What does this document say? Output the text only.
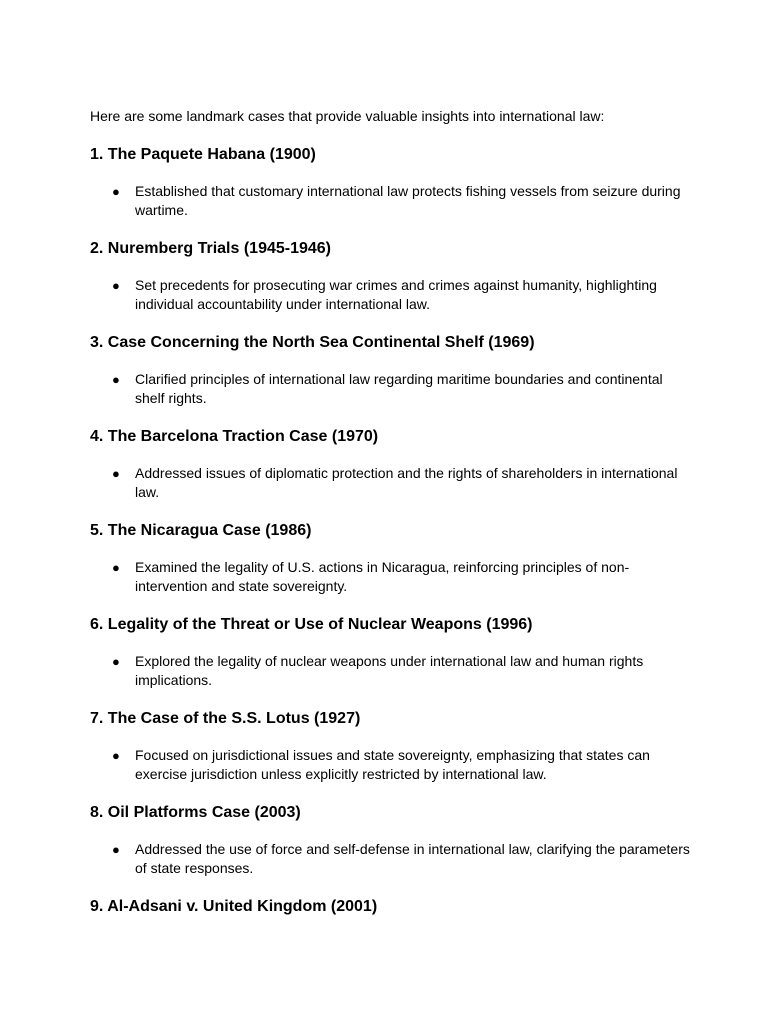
Here are some landmark cases that provide valuable insights into international law:

1. The Paquete Habana (1900)
● Established that customary international law protects fishing vessels from seizure during wartime.
2. Nuremberg Trials (1945-1946)
● Set precedents for prosecuting war crimes and crimes against humanity, highlighting individual accountability under international law.
3. Case Concerning the North Sea Continental Shelf (1969)
● Clarified principles of international law regarding maritime boundaries and continental shelf rights.
4. The Barcelona Traction Case (1970)
● Addressed issues of diplomatic protection and the rights of shareholders in international law.
5. The Nicaragua Case (1986)
● Examined the legality of U.S. actions in Nicaragua, reinforcing principles of non-intervention and state sovereignty.
6. Legality of the Threat or Use of Nuclear Weapons (1996)
● Explored the legality of nuclear weapons under international law and human rights implications.
7. The Case of the S.S. Lotus (1927)
● Focused on jurisdictional issues and state sovereignty, emphasizing that states can exercise jurisdiction unless explicitly restricted by international law.
8. Oil Platforms Case (2003)
● Addressed the use of force and self-defense in international law, clarifying the parameters of state responses.
9. Al-Adsani v. United Kingdom (2001)
